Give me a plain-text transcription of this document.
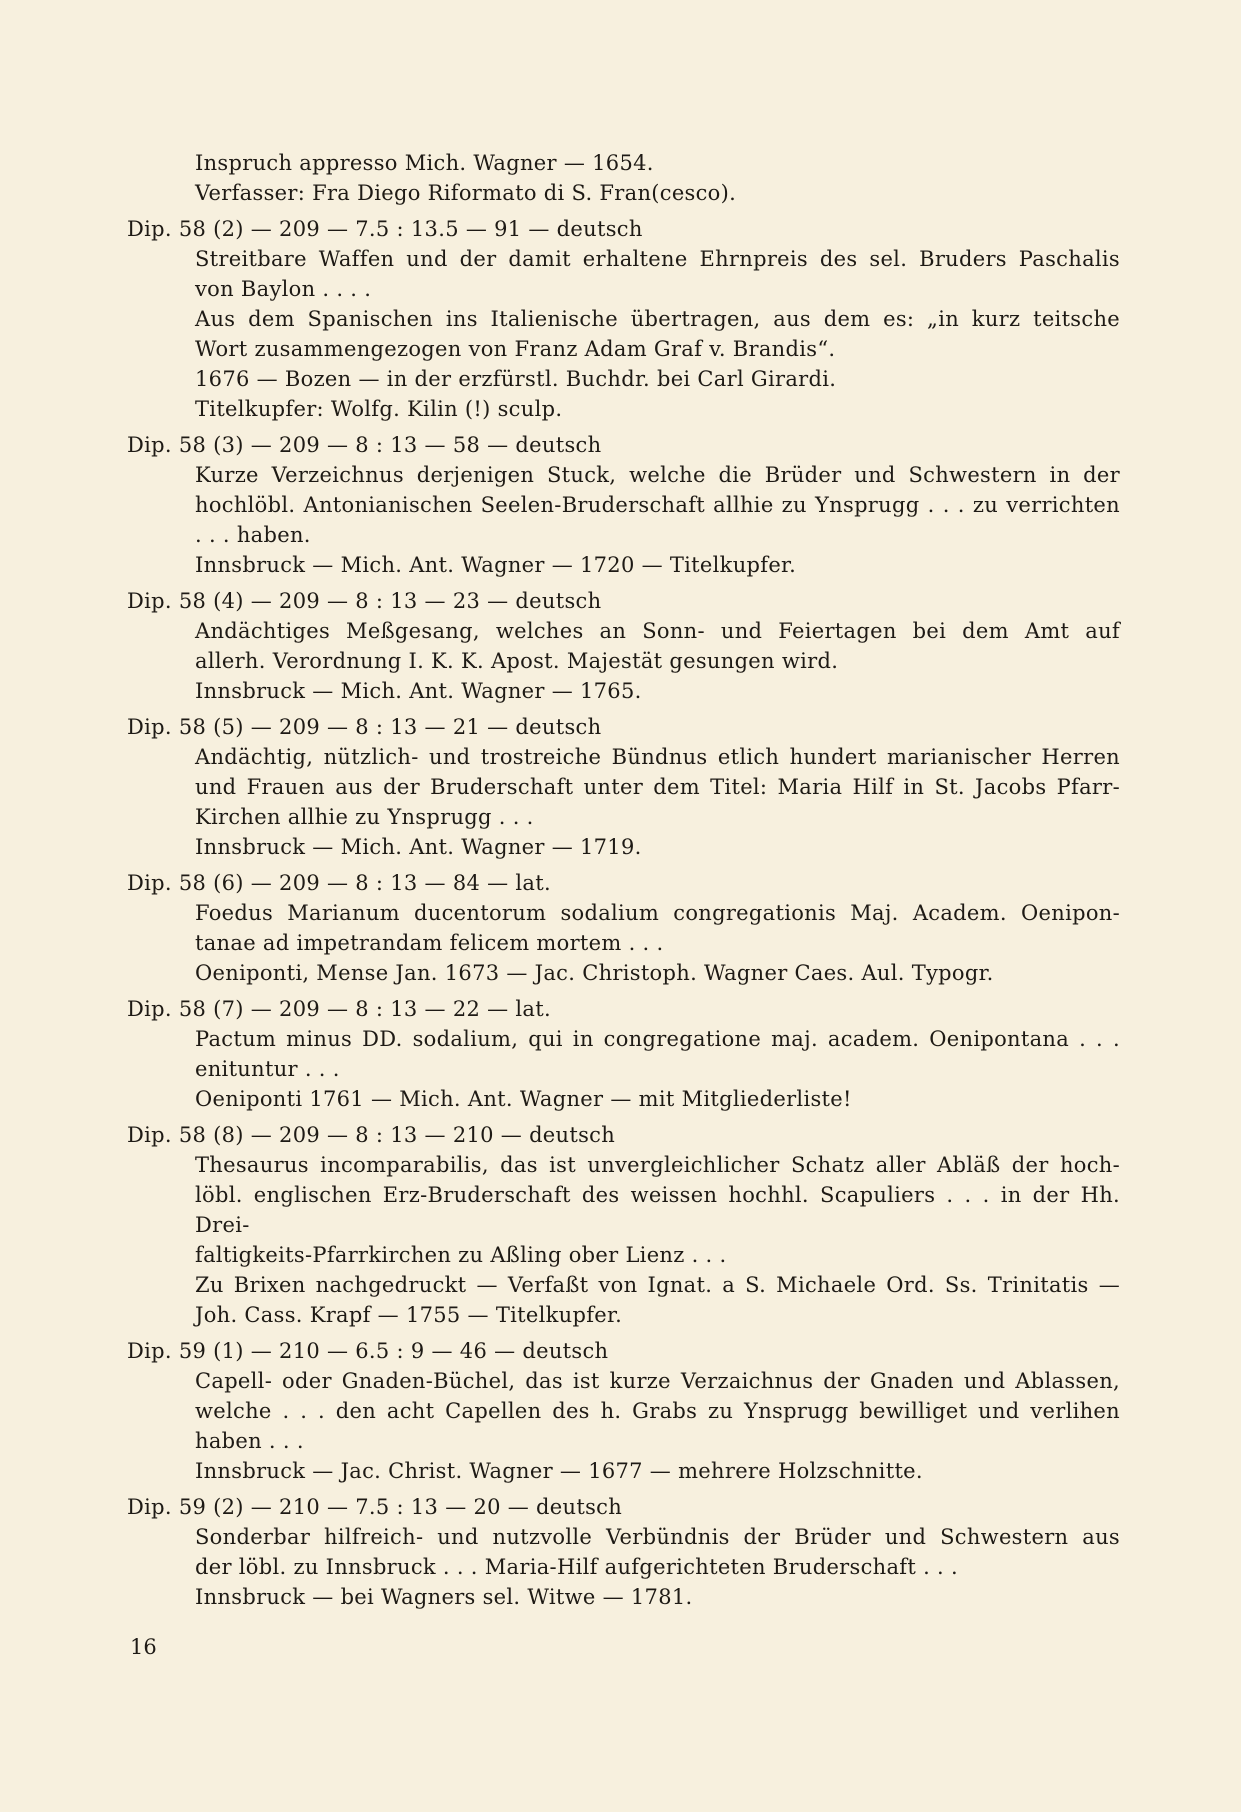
Inspruch appresso Mich. Wagner — 1654.
Verfasser: Fra Diego Riformato di S. Fran(cesco).
Dip. 58 (2) — 209 — 7.5 : 13.5 — 91 — deutsch
Streitbare Waffen und der damit erhaltene Ehrnpreis des sel. Bruders Paschalis
von Baylon . . . .
Aus dem Spanischen ins Italienische übertragen, aus dem es: „in kurz teitsche
Wort zusammengezogen von Franz Adam Graf v. Brandis“.
1676 — Bozen — in der erzfürstl. Buchdr. bei Carl Girardi.
Titelkupfer: Wolfg. Kilin (!) sculp.
Dip. 58 (3) — 209 — 8 : 13 — 58 — deutsch
Kurze Verzeichnus derjenigen Stuck, welche die Brüder und Schwestern in der
hochlöbl. Antonianischen Seelen-Bruderschaft allhie zu Ynsprugg . . . zu verrichten
. . . haben.
Innsbruck — Mich. Ant. Wagner — 1720 — Titelkupfer.
Dip. 58 (4) — 209 — 8 : 13 — 23 — deutsch
Andächtiges Meßgesang, welches an Sonn- und Feiertagen bei dem Amt auf
allerh. Verordnung I. K. K. Apost. Majestät gesungen wird.
Innsbruck — Mich. Ant. Wagner — 1765.
Dip. 58 (5) — 209 — 8 : 13 — 21 — deutsch
Andächtig, nützlich- und trostreiche Bündnus etlich hundert marianischer Herren
und Frauen aus der Bruderschaft unter dem Titel: Maria Hilf in St. Jacobs Pfarr-
Kirchen allhie zu Ynsprugg . . .
Innsbruck — Mich. Ant. Wagner — 1719.
Dip. 58 (6) — 209 — 8 : 13 — 84 — lat.
Foedus Marianum ducentorum sodalium congregationis Maj. Academ. Oenipon-
tanae ad impetrandam felicem mortem . . .
Oeniponti, Mense Jan. 1673 — Jac. Christoph. Wagner Caes. Aul. Typogr.
Dip. 58 (7) — 209 — 8 : 13 — 22 — lat.
Pactum minus DD. sodalium, qui in congregatione maj. academ. Oenipontana . . .
enituntur . . .
Oeniponti 1761 — Mich. Ant. Wagner — mit Mitgliederliste!
Dip. 58 (8) — 209 — 8 : 13 — 210 — deutsch
Thesaurus incomparabilis, das ist unvergleichlicher Schatz aller Abläß der hoch-
löbl. englischen Erz-Bruderschaft des weissen hochhl. Scapuliers . . . in der Hh. Drei-
faltigkeits-Pfarrkirchen zu Aßling ober Lienz . . .
Zu Brixen nachgedruckt — Verfaßt von Ignat. a S. Michaele Ord. Ss. Trinitatis —
Joh. Cass. Krapf — 1755 — Titelkupfer.
Dip. 59 (1) — 210 — 6.5 : 9 — 46 — deutsch
Capell- oder Gnaden-Büchel, das ist kurze Verzaichnus der Gnaden und Ablassen,
welche . . . den acht Capellen des h. Grabs zu Ynsprugg bewilliget und verlihen
haben . . .
Innsbruck — Jac. Christ. Wagner — 1677 — mehrere Holzschnitte.
Dip. 59 (2) — 210 — 7.5 : 13 — 20 — deutsch
Sonderbar hilfreich- und nutzvolle Verbündnis der Brüder und Schwestern aus
der löbl. zu Innsbruck . . . Maria-Hilf aufgerichteten Bruderschaft . . .
Innsbruck — bei Wagners sel. Witwe — 1781.
16
